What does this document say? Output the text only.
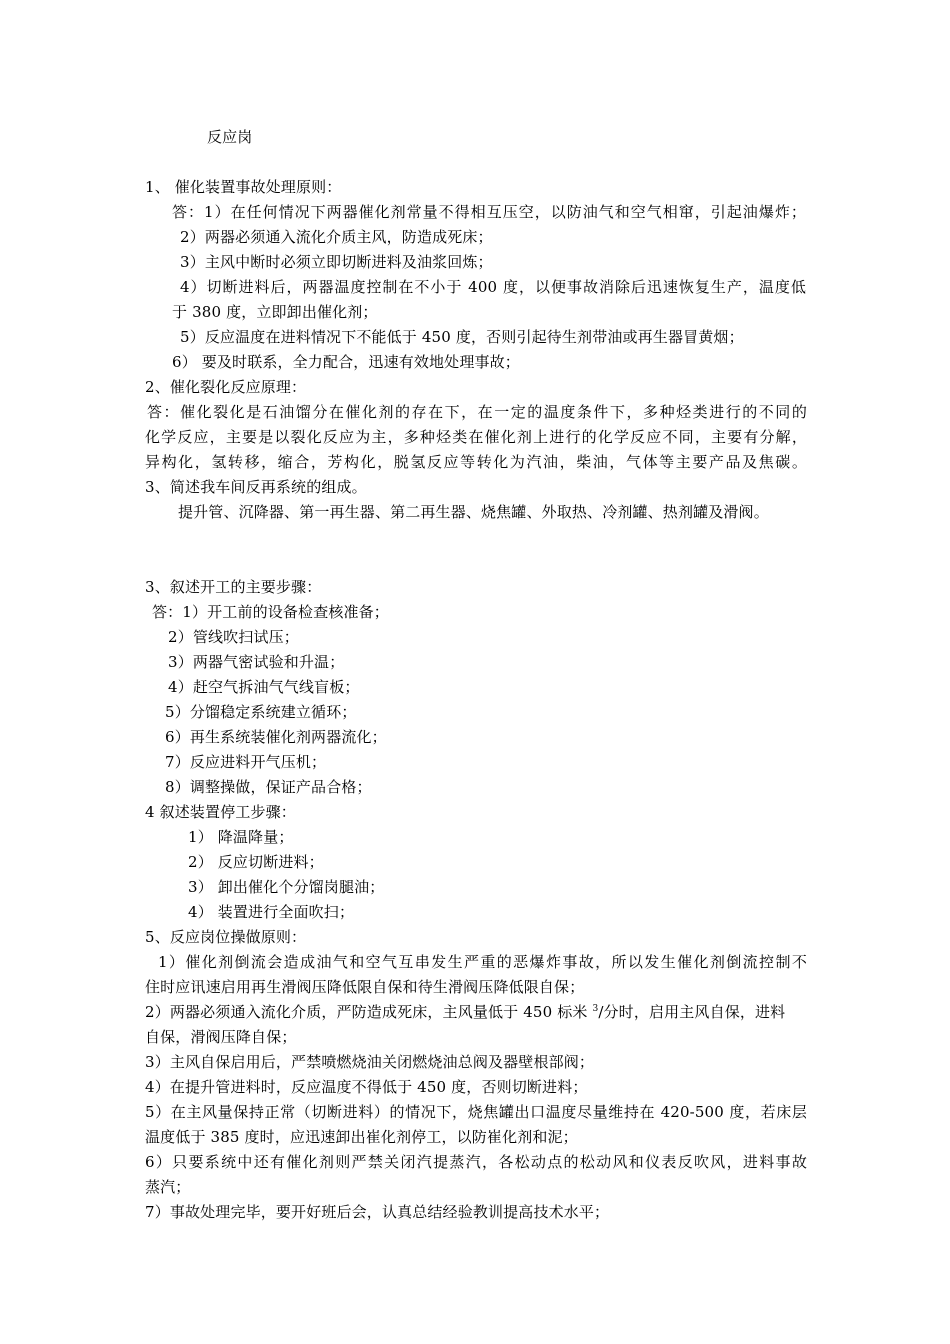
反应岗
1、 催化装置事故处理原则：
答：1）在任何情况下两器催化剂常量不得相互压空，以防油气和空气相窜，引起油爆炸；
2）两器必须通入流化介质主风，防造成死床；
3）主风中断时必须立即切断进料及油浆回炼；
4）切断进料后，两器温度控制在不小于 400 度，以便事故消除后迅速恢复生产，温度低
于 380 度，立即卸出催化剂；
5）反应温度在进料情况下不能低于 450 度，否则引起待生剂带油或再生器冒黄烟；
6） 要及时联系，全力配合，迅速有效地处理事故；
2、催化裂化反应原理：
答：催化裂化是石油馏分在催化剂的存在下，在一定的温度条件下，多种烃类进行的不同的
化学反应，主要是以裂化反应为主，多种烃类在催化剂上进行的化学反应不同，主要有分解，
异构化，氢转移，缩合，芳构化，脱氢反应等转化为汽油，柴油，气体等主要产品及焦碳。
3、简述我车间反再系统的组成。
提升管、沉降器、第一再生器、第二再生器、烧焦罐、外取热、冷剂罐、热剂罐及滑阀。
3、叙述开工的主要步骤：
答：1）开工前的设备检查核准备；
2）管线吹扫试压；
3）两器气密试验和升温；
4）赶空气拆油气气线盲板；
5）分馏稳定系统建立循环；
6）再生系统装催化剂两器流化；
7）反应进料开气压机；
8）调整操做，保证产品合格；
4 叙述装置停工步骤：
1） 降温降量；
2） 反应切断进料；
3） 卸出催化个分馏岗腿油；
4） 装置进行全面吹扫；
5、反应岗位操做原则：
1）催化剂倒流会造成油气和空气互串发生严重的恶爆炸事故，所以发生催化剂倒流控制不
住时应讯速启用再生滑阀压降低限自保和待生滑阀压降低限自保；
2）两器必须通入流化介质，严防造成死床，主风量低于 450 标米 $^3$/分时，启用主风自保，进料
自保，滑阀压降自保；
3）主风自保启用后，严禁喷燃烧油关闭燃烧油总阀及器壁根部阀；
4）在提升管进料时，反应温度不得低于 450 度，否则切断进料；
5）在主风量保持正常（切断进料）的情况下，烧焦罐出口温度尽量维持在 420-500 度，若床层
温度低于 385 度时，应迅速卸出崔化剂停工，以防崔化剂和泥；
6）只要系统中还有催化剂则严禁关闭汽提蒸汽，各松动点的松动风和仪表反吹风，进料事故
蒸汽；
7）事故处理完毕，要开好班后会，认真总结经验教训提高技术水平；
